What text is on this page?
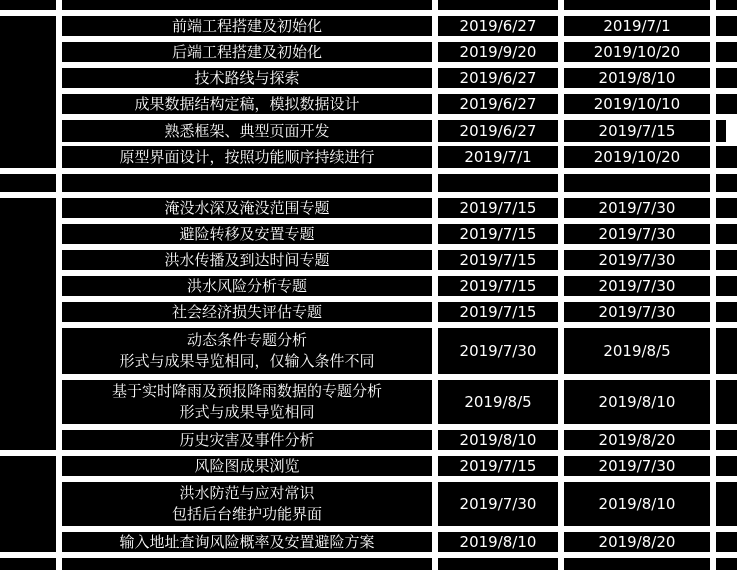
前端工程搭建及初始化	2019/6/27	2019/7/1
后端工程搭建及初始化	2019/9/20	2019/10/20
技术路线与探索	2019/6/27	2019/8/10
成果数据结构定稿，模拟数据设计	2019/6/27	2019/10/10
熟悉框架、典型页面开发	2019/6/27	2019/7/15	阝
原型界面设计，按照功能顺序持续进行	2019/7/1	2019/10/20
淹没水深及淹没范围专题	2019/7/15	2019/7/30
避险转移及安置专题	2019/7/15	2019/7/30
洪水传播及到达时间专题	2019/7/15	2019/7/30
洪水风险分析专题	2019/7/15	2019/7/30
社会经济损失评估专题	2019/7/15	2019/7/30
动态条件专题分析
形式与成果导览相同，仅输入条件不同
2019/7/30	2019/8/5
基于实时降雨及预报降雨数据的专题分析
形式与成果导览相同
2019/8/5	2019/8/10
历史灾害及事件分析	2019/8/10	2019/8/20
风险图成果浏览	2019/7/15	2019/7/30
洪水防范与应对常识
包括后台维护功能界面
2019/7/30	2019/8/10
输入地址查询风险概率及安置避险方案	2019/8/10	2019/8/20
